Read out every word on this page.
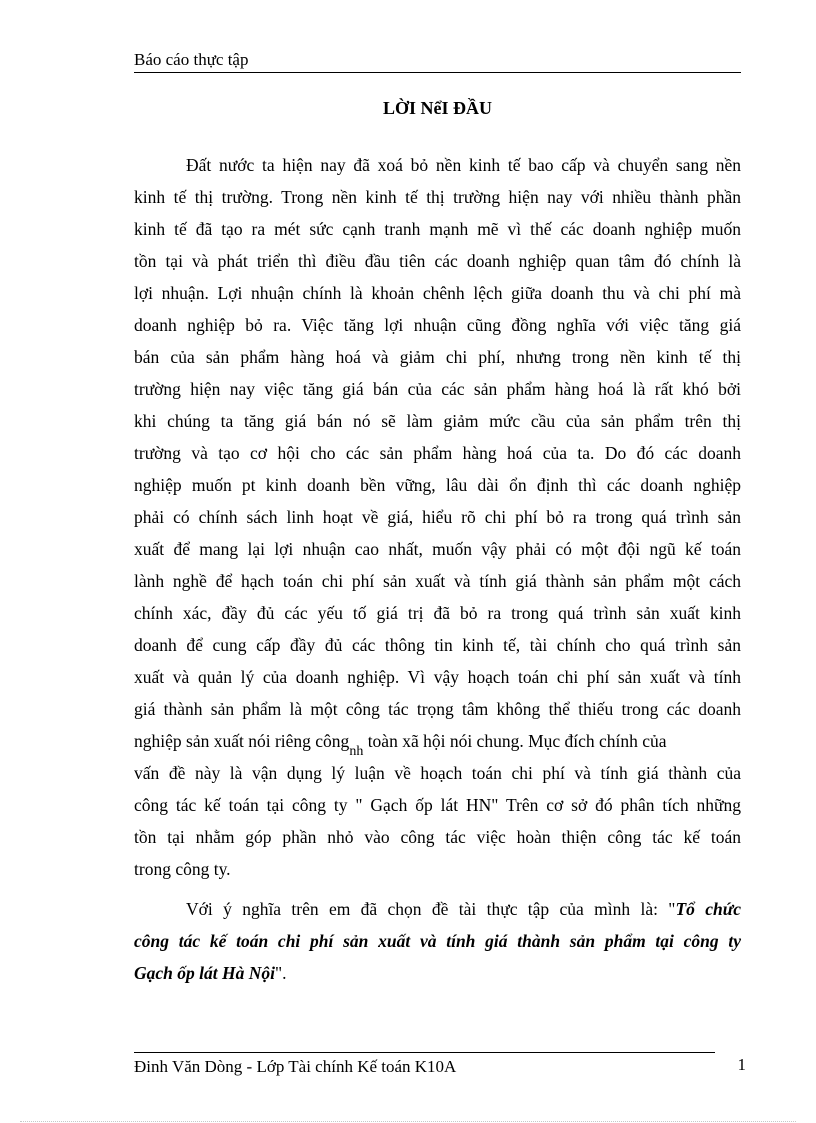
Báo cáo thực tập
LỜI NểI ĐẦU
Đất nước ta hiện nay đã xoá bỏ nền kinh tế bao cấp và chuyển sang nền
kinh tế thị trường. Trong nền kinh tế thị trường hiện nay với nhiều thành phần
kinh tế đã tạo ra mét sức cạnh tranh mạnh mẽ vì thế các doanh nghiệp muốn
tồn tại và phát triển thì điều đầu tiên các doanh nghiệp quan tâm đó chính là
lợi nhuận. Lợi nhuận chính là khoản chênh lệch giữa doanh thu và chi phí mà
doanh nghiệp bỏ ra. Việc tăng lợi nhuận cũng đồng nghĩa với việc tăng giá
bán của sản phẩm hàng hoá và giảm chi phí, nhưng trong nền kinh tế thị
trường hiện nay việc tăng giá bán của các sản phẩm hàng hoá là rất khó bởi
khi chúng ta tăng giá bán nó sẽ làm giảm mức cầu của sản phẩm trên thị
trường và tạo cơ hội cho các sản phẩm hàng hoá của ta. Do đó các doanh
nghiệp muốn pt kinh doanh bền vững, lâu dài ổn định thì các doanh nghiệp
phải có chính sách linh hoạt về giá, hiểu rõ chi phí bỏ ra trong quá trình sản
xuất để mang lại lợi nhuận cao nhất, muốn vậy phải có một đội ngũ kế toán
lành nghề để hạch toán chi phí sản xuất và tính giá thành sản phẩm một cách
chính xác, đầy đủ các yếu tố giá trị đã bỏ ra trong quá trình sản xuất kinh
doanh để cung cấp đầy đủ các thông tin kinh tế, tài chính cho quá trình sản
xuất và quản lý của doanh nghiệp. Vì vậy hoạch toán chi phí sản xuất và tính
giá thành sản phẩm là một công tác trọng tâm không thể thiếu trong các doanh
nghiệp sản xuất nói riêng công$_{nh}$ toàn xã hội nói chung. Mục đích chính của
vấn đề này là vận dụng lý luận về hoạch toán chi phí và tính giá thành của
công tác kế toán tại công ty " Gạch ốp lát HN" Trên cơ sở đó phân tích những
tồn tại nhằm góp phần nhỏ vào công tác việc hoàn thiện công tác kế toán
trong công ty.
Với ý nghĩa trên em đã chọn đề tài thực tập của mình là: "Tổ chức
công tác kế toán chi phí sản xuất và tính giá thành sản phẩm tại công ty
Gạch ốp lát Hà Nội".
Đinh Văn Dòng - Lớp Tài chính Kế toán K10A	1
